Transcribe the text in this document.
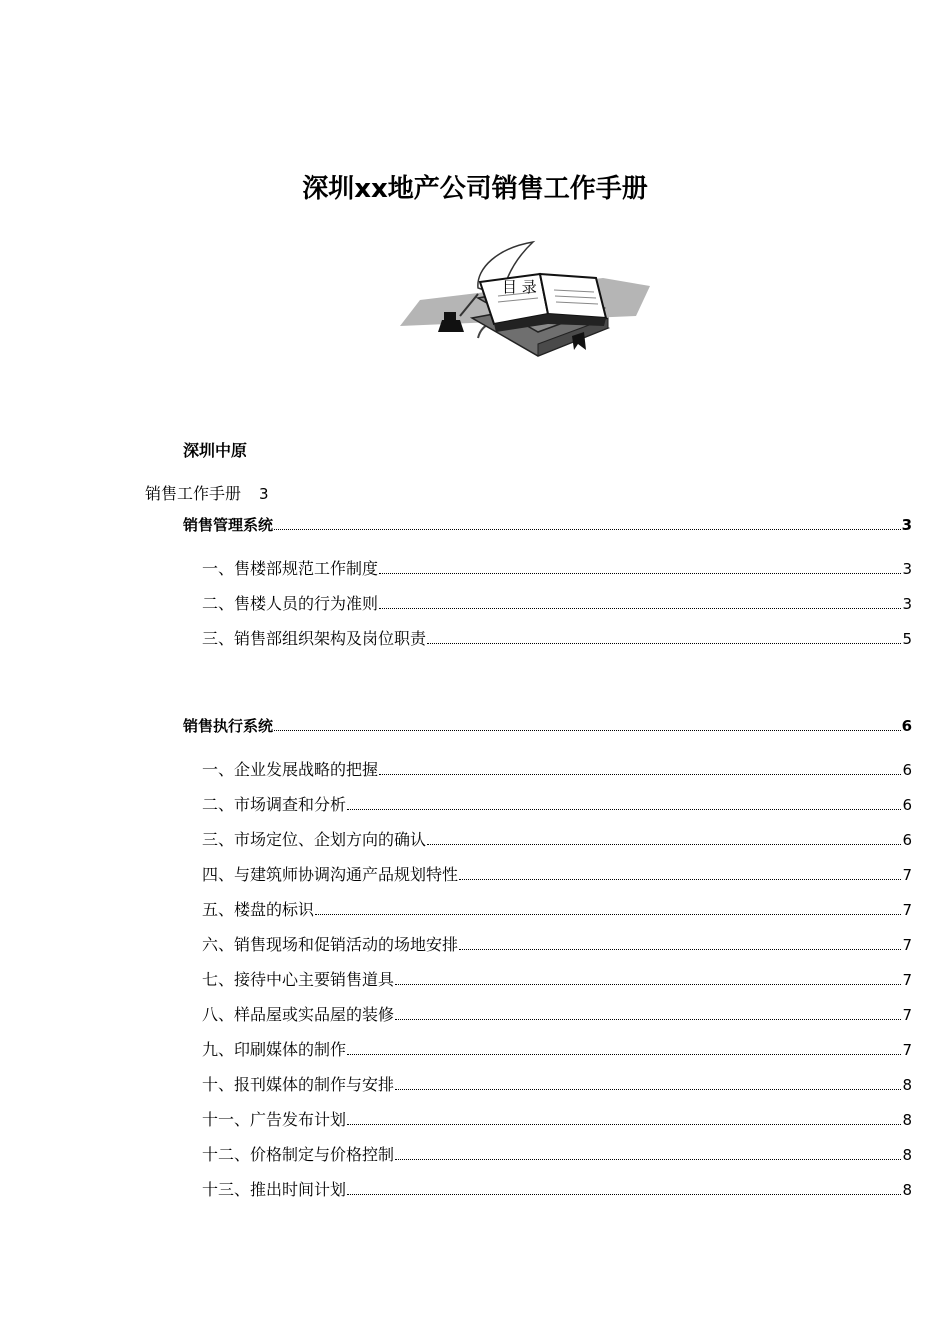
深圳xx地产公司销售工作手册
目 录
深圳中原
销售工作手册 3
销售管理系统	3
一、售楼部规范工作制度	3
二、售楼人员的行为准则	3
三、销售部组织架构及岗位职责	5
销售执行系统	6
一、企业发展战略的把握	6
二、市场调查和分析	6
三、市场定位、企划方向的确认	6
四、与建筑师协调沟通产品规划特性	7
五、楼盘的标识	7
六、销售现场和促销活动的场地安排	7
七、接待中心主要销售道具	7
八、样品屋或实品屋的装修	7
九、印刷媒体的制作	7
十、报刊媒体的制作与安排	8
十一、广告发布计划	8
十二、价格制定与价格控制	8
十三、推出时间计划	8
